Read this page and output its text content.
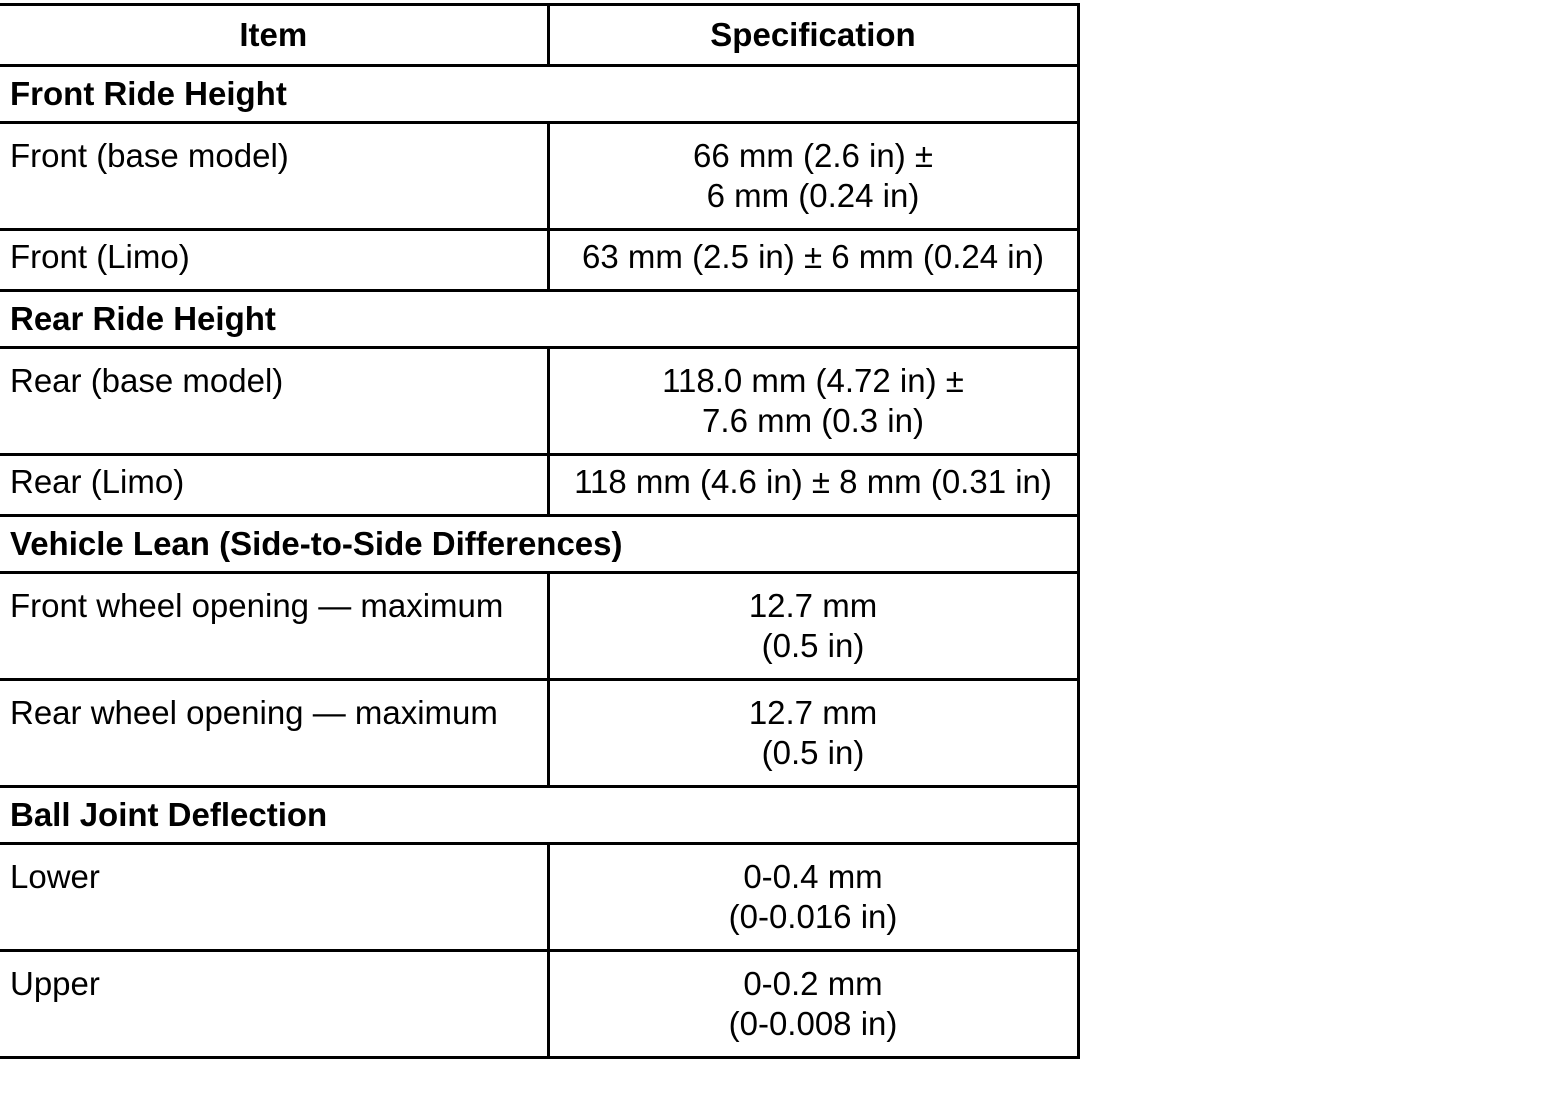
Item	Specification
Front Ride Height	
Front (base model)	66 mm (2.6 in) ±
6 mm (0.24 in)

Front (Limo)	63 mm (2.5 in) ± 6 mm (0.24 in)

Rear Ride Height	
Rear (base model)	118.0 mm (4.72 in) ±
7.6 mm (0.3 in)

Rear (Limo)	118 mm (4.6 in) ± 8 mm (0.31 in)

Vehicle Lean (Side-to-Side Differences)	
Front wheel opening — maximum	12.7 mm
(0.5 in)

Rear wheel opening — maximum	12.7 mm
(0.5 in)

Ball Joint Deflection	
Lower	0-0.4 mm
(0-0.016 in)

Upper	0-0.2 mm
(0-0.008 in)
